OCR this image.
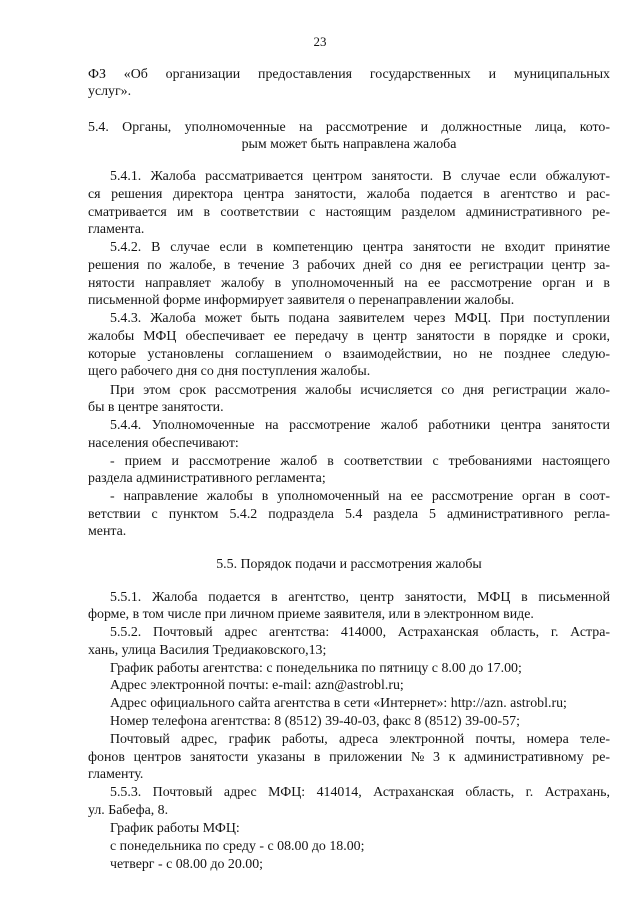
23
ФЗ «Об организации предоставления государственных и муниципальных
услуг».
5.4. Органы, уполномоченные на рассмотрение и должностные лица, кото-
рым может быть направлена жалоба
5.4.1. Жалоба рассматривается центром занятости. В случае если обжалуют-
ся решения директора центра занятости, жалоба подается в агентство и рас-
сматривается им в соответствии с настоящим разделом административного ре-
гламента.
5.4.2. В случае если в компетенцию центра занятости не входит принятие
решения по жалобе, в течение 3 рабочих дней со дня ее регистрации центр за-
нятости направляет жалобу в уполномоченный на ее рассмотрение орган и в
письменной форме информирует заявителя о перенаправлении жалобы.
5.4.3. Жалоба может быть подана заявителем через МФЦ. При поступлении
жалобы МФЦ обеспечивает ее передачу в центр занятости в порядке и сроки,
которые установлены соглашением о взаимодействии, но не позднее следую-
щего рабочего дня со дня поступления жалобы.
При этом срок рассмотрения жалобы исчисляется со дня регистрации жало-
бы в центре занятости.
5.4.4. Уполномоченные на рассмотрение жалоб работники центра занятости
населения обеспечивают:
- прием и рассмотрение жалоб в соответствии с требованиями настоящего
раздела административного регламента;
- направление жалобы в уполномоченный на ее рассмотрение орган в соот-
ветствии с пунктом 5.4.2 подраздела 5.4 раздела 5 административного регла-
мента.
5.5. Порядок подачи и рассмотрения жалобы
5.5.1. Жалоба подается в агентство, центр занятости, МФЦ в письменной
форме, в том числе при личном приеме заявителя, или в электронном виде.
5.5.2. Почтовый адрес агентства: 414000, Астраханская область, г. Астра-
хань, улица Василия Тредиаковского,13;
График работы агентства: с понедельника по пятницу с 8.00 до 17.00;
Адрес электронной почты: e-mail: azn@astrobl.ru;
Адрес официального сайта агентства в сети «Интернет»: http://azn. astrobl.ru;
Номер телефона агентства: 8 (8512) 39-40-03, факс 8 (8512) 39-00-57;
Почтовый адрес, график работы, адреса электронной почты, номера теле-
фонов центров занятости указаны в приложении № 3 к административному ре-
гламенту.
5.5.3. Почтовый адрес МФЦ: 414014, Астраханская область, г. Астрахань,
ул. Бабефа, 8.
График работы МФЦ:
с понедельника по среду - с 08.00 до 18.00;
четверг - с 08.00 до 20.00;
